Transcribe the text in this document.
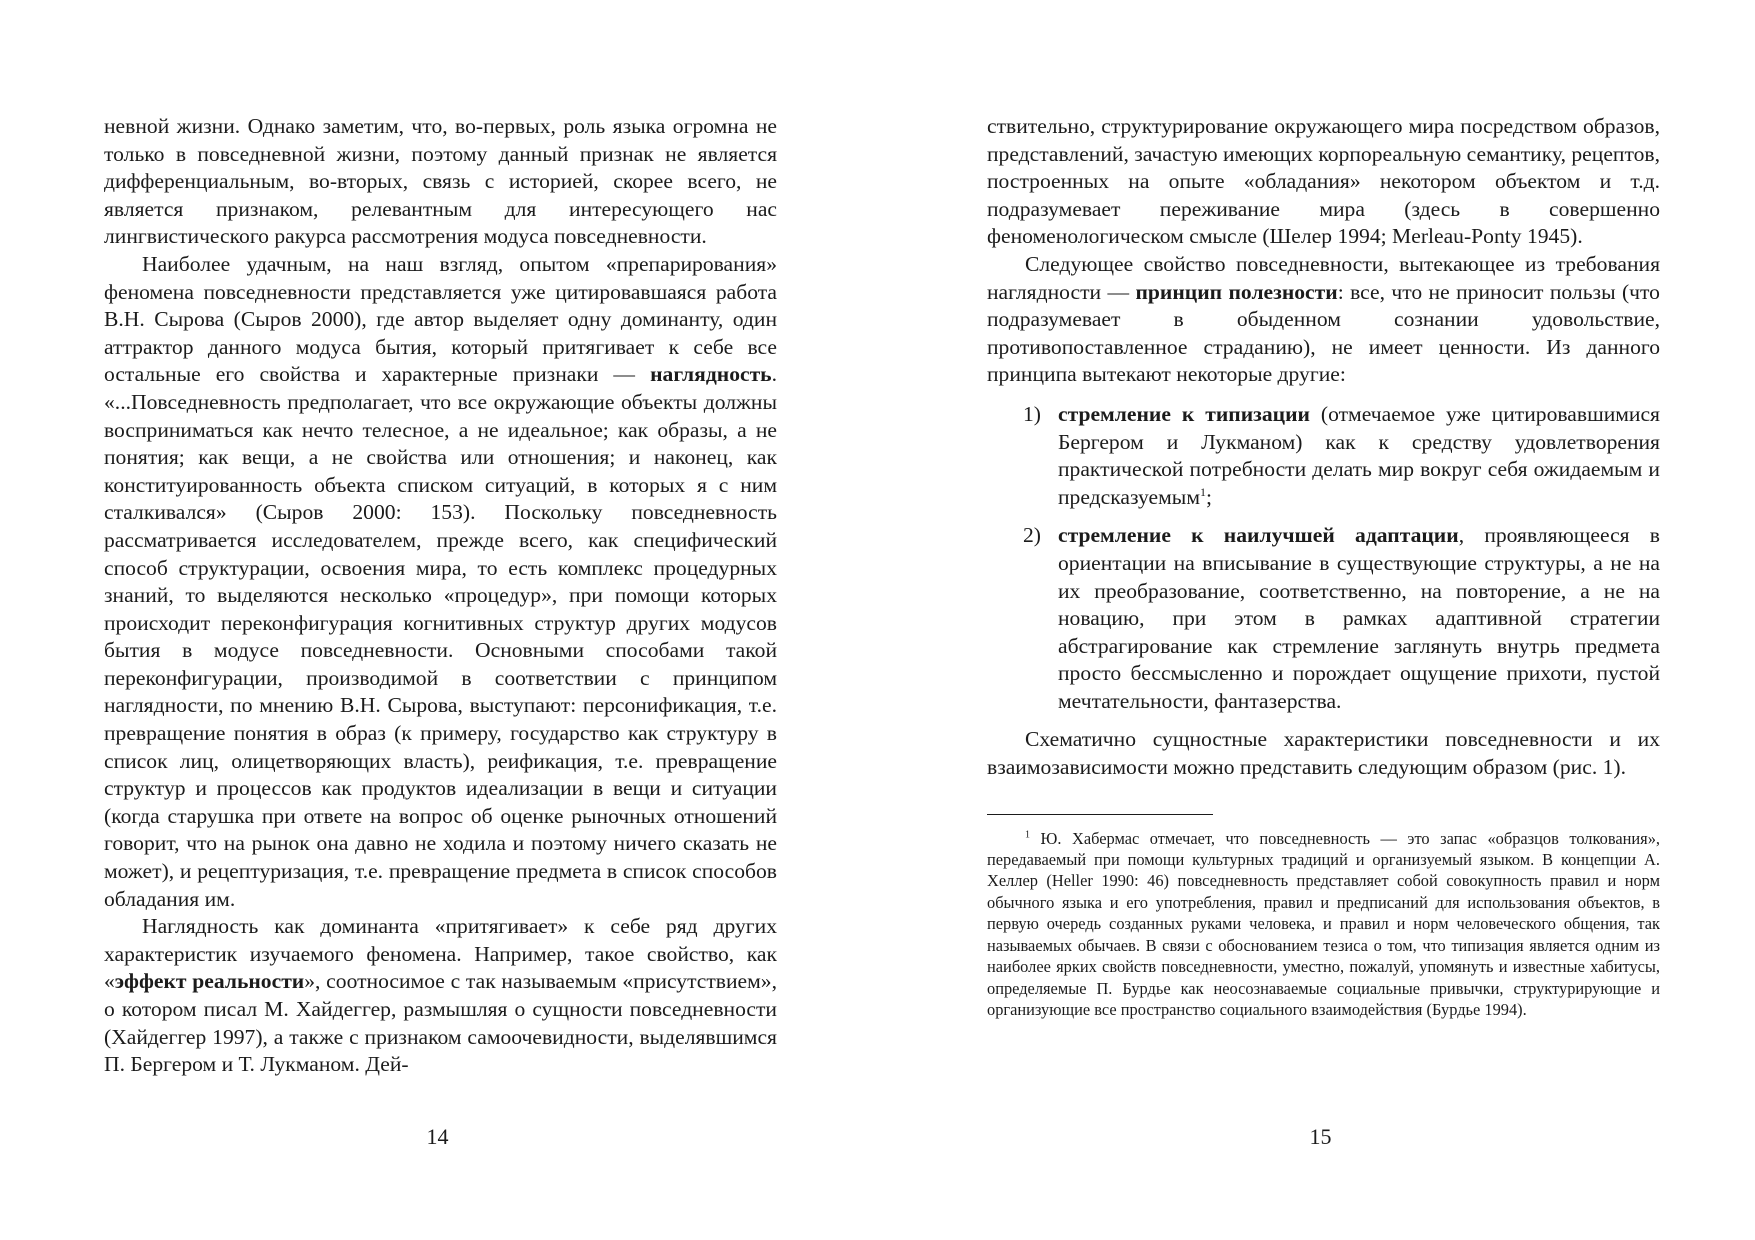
невной жизни. Однако заметим, что, во-первых, роль языка огромна не только в повседневной жизни, поэтому данный признак не является дифференциальным, во-вторых, связь с историей, скорее всего, не является признаком, релевантным для интересующего нас лингвистического ракурса рассмотрения модуса повседневности.

Наиболее удачным, на наш взгляд, опытом «препарирования» феномена повседневности представляется уже цитировавшаяся работа В.Н. Сырова (Сыров 2000), где автор выделяет одну доминанту, один аттрактор данного модуса бытия, который притягивает к себе все остальные его свойства и характерные признаки — наглядность. «...Повседневность предполагает, что все окружающие объекты должны восприниматься как нечто телесное, а не идеальное; как образы, а не понятия; как вещи, а не свойства или отношения; и наконец, как конституированность объекта списком ситуаций, в которых я с ним сталкивался» (Сыров 2000: 153). Поскольку повседневность рассматривается исследователем, прежде всего, как специфический способ структурации, освоения мира, то есть комплекс процедурных знаний, то выделяются несколько «процедур», при помощи которых происходит переконфигурация когнитивных структур других модусов бытия в модусе повседневности. Основными способами такой переконфигурации, производимой в соответствии с принципом наглядности, по мнению В.Н. Сырова, выступают: персонификация, т.е. превращение понятия в образ (к примеру, государство как структуру в список лиц, олицетворяющих власть), реификация, т.е. превращение структур и процессов как продуктов идеализации в вещи и ситуации (когда старушка при ответе на вопрос об оценке рыночных отношений говорит, что на рынок она давно не ходила и поэтому ничего сказать не может), и рецептуризация, т.е. превращение предмета в список способов обладания им.

Наглядность как доминанта «притягивает» к себе ряд других характеристик изучаемого феномена. Например, такое свойство, как «эффект реальности», соотносимое с так называемым «присутствием», о котором писал М. Хайдеггер, размышляя о сущности повседневности (Хайдеггер 1997), а также с признаком самоочевидности, выделявшимся П. Бергером и Т. Лукманом. Дей-

14

ствительно, структурирование окружающего мира посредством образов, представлений, зачастую имеющих корпореальную семантику, рецептов, построенных на опыте «обладания» некотором объектом и т.д. подразумевает переживание мира (здесь в совершенно феноменологическом смысле (Шелер 1994; Merleau-Ponty 1945).

Следующее свойство повседневности, вытекающее из требования наглядности — принцип полезности: все, что не приносит пользы (что подразумевает в обыденном сознании удовольствие, противопоставленное страданию), не имеет ценности. Из данного принципа вытекают некоторые другие:

1) стремление к типизации (отмечаемое уже цитировавшимися Бергером и Лукманом) как к средству удовлетворения практической потребности делать мир вокруг себя ожидаемым и предсказуемым$^1$;
2) стремление к наилучшей адаптации, проявляющееся в ориентации на вписывание в существующие структуры, а не на их преобразование, соответственно, на повторение, а не на новацию, при этом в рамках адаптивной стратегии абстрагирование как стремление заглянуть внутрь предмета просто бессмысленно и порождает ощущение прихоти, пустой мечтательности, фантазерства.

Схематично сущностные характеристики повседневности и их взаимозависимости можно представить следующим образом (рис. 1).

$^1$ Ю. Хабермас отмечает, что повседневность — это запас «образцов толкования», передаваемый при помощи культурных традиций и организуемый языком. В концепции А. Хеллер (Heller 1990: 46) повседневность представляет собой совокупность правил и норм обычного языка и его употребления, правил и предписаний для использования объектов, в первую очередь созданных руками человека, и правил и норм человеческого общения, так называемых обычаев. В связи с обоснованием тезиса о том, что типизация является одним из наиболее ярких свойств повседневности, уместно, пожалуй, упомянуть и известные хабитусы, определяемые П. Бурдье как неосознаваемые социальные привычки, структурирующие и организующие все пространство социального взаимодействия (Бурдье 1994).

15
